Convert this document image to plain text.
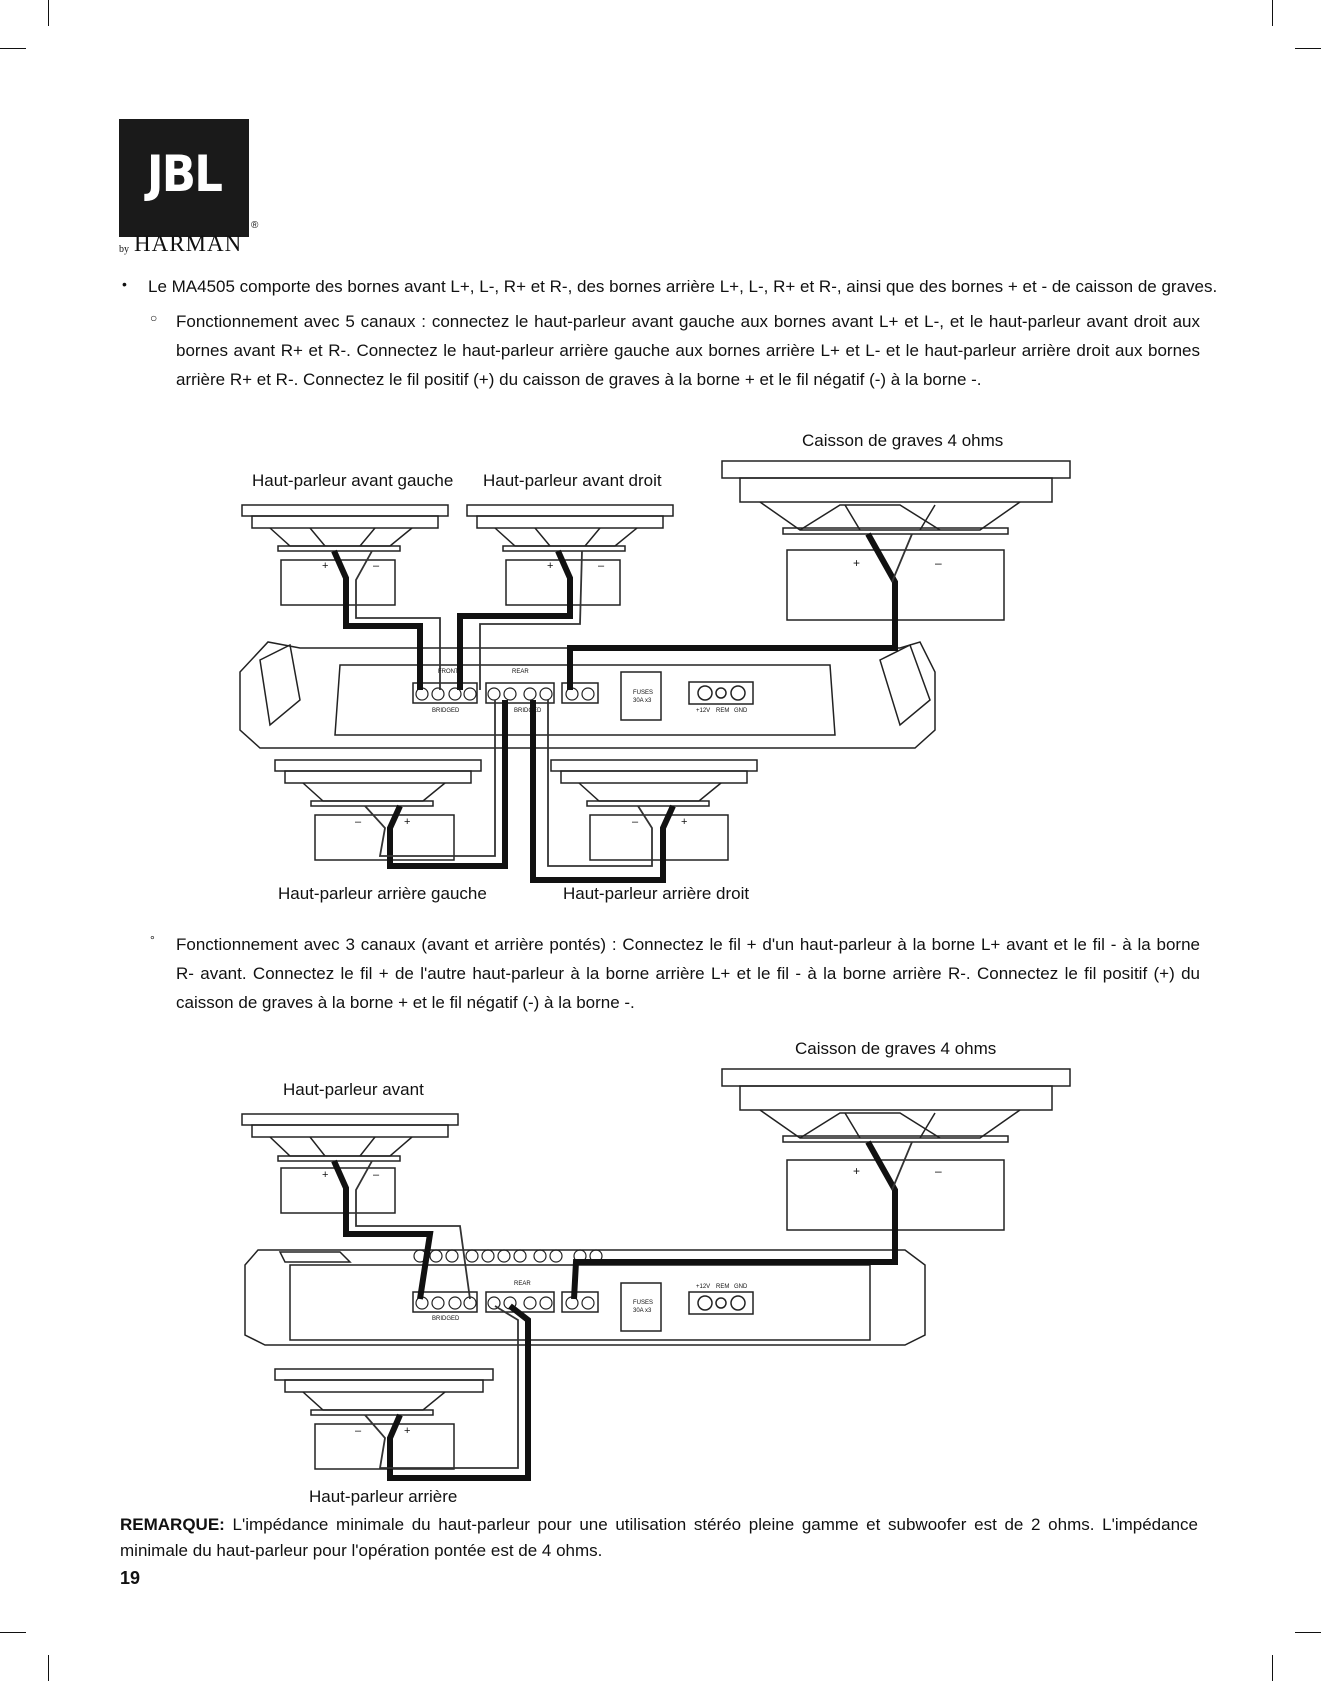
JBL
®
by HARMAN
• Le MA4505 comporte des bornes avant L+, L-, R+ et R-, des bornes arrière L+, L-, R+ et R-, ainsi que des bornes + et - de caisson de graves.
○ Fonctionnement avec 5 canaux : connectez le haut-parleur avant gauche aux bornes avant L+ et L-, et le haut-parleur avant droit aux
bornes avant R+ et R-. Connectez le haut-parleur arrière gauche aux bornes arrière L+ et L- et le haut-parleur arrière droit aux bornes
arrière R+ et R-. Connectez le fil positif (+) du caisson de graves à la borne + et le fil négatif (-) à la borne -.
FRONT	REAR
BRIDGED	BRIDGED
FUSES
30A x3
+12V REM GND
+	–	+	–	+	–
–	+	–	+
Caisson de graves 4 ohms
Haut-parleur avant gauche Haut-parleur avant droit
Haut-parleur arrière gauche	Haut-parleur arrière droit
° Fonctionnement avec 3 canaux (avant et arrière pontés) : Connectez le fil + d'un haut-parleur à la borne L+ avant et le fil - à la borne
R- avant. Connectez le fil + de l'autre haut-parleur à la borne arrière L+ et le fil - à la borne arrière R-. Connectez le fil positif (+) du
caisson de graves à la borne + et le fil négatif (-) à la borne -.
REAR
BRIDGED
FUSES
30A x3
+12V REM GND
+	–	+	–
–	+
Caisson de graves 4 ohms
Haut-parleur avant
Haut-parleur arrière
REMARQUE: L'impédance minimale du haut-parleur pour une utilisation stéréo pleine gamme et subwoofer est de 2 ohms. L'impédance
minimale du haut-parleur pour l'opération pontée est de 4 ohms.
19
